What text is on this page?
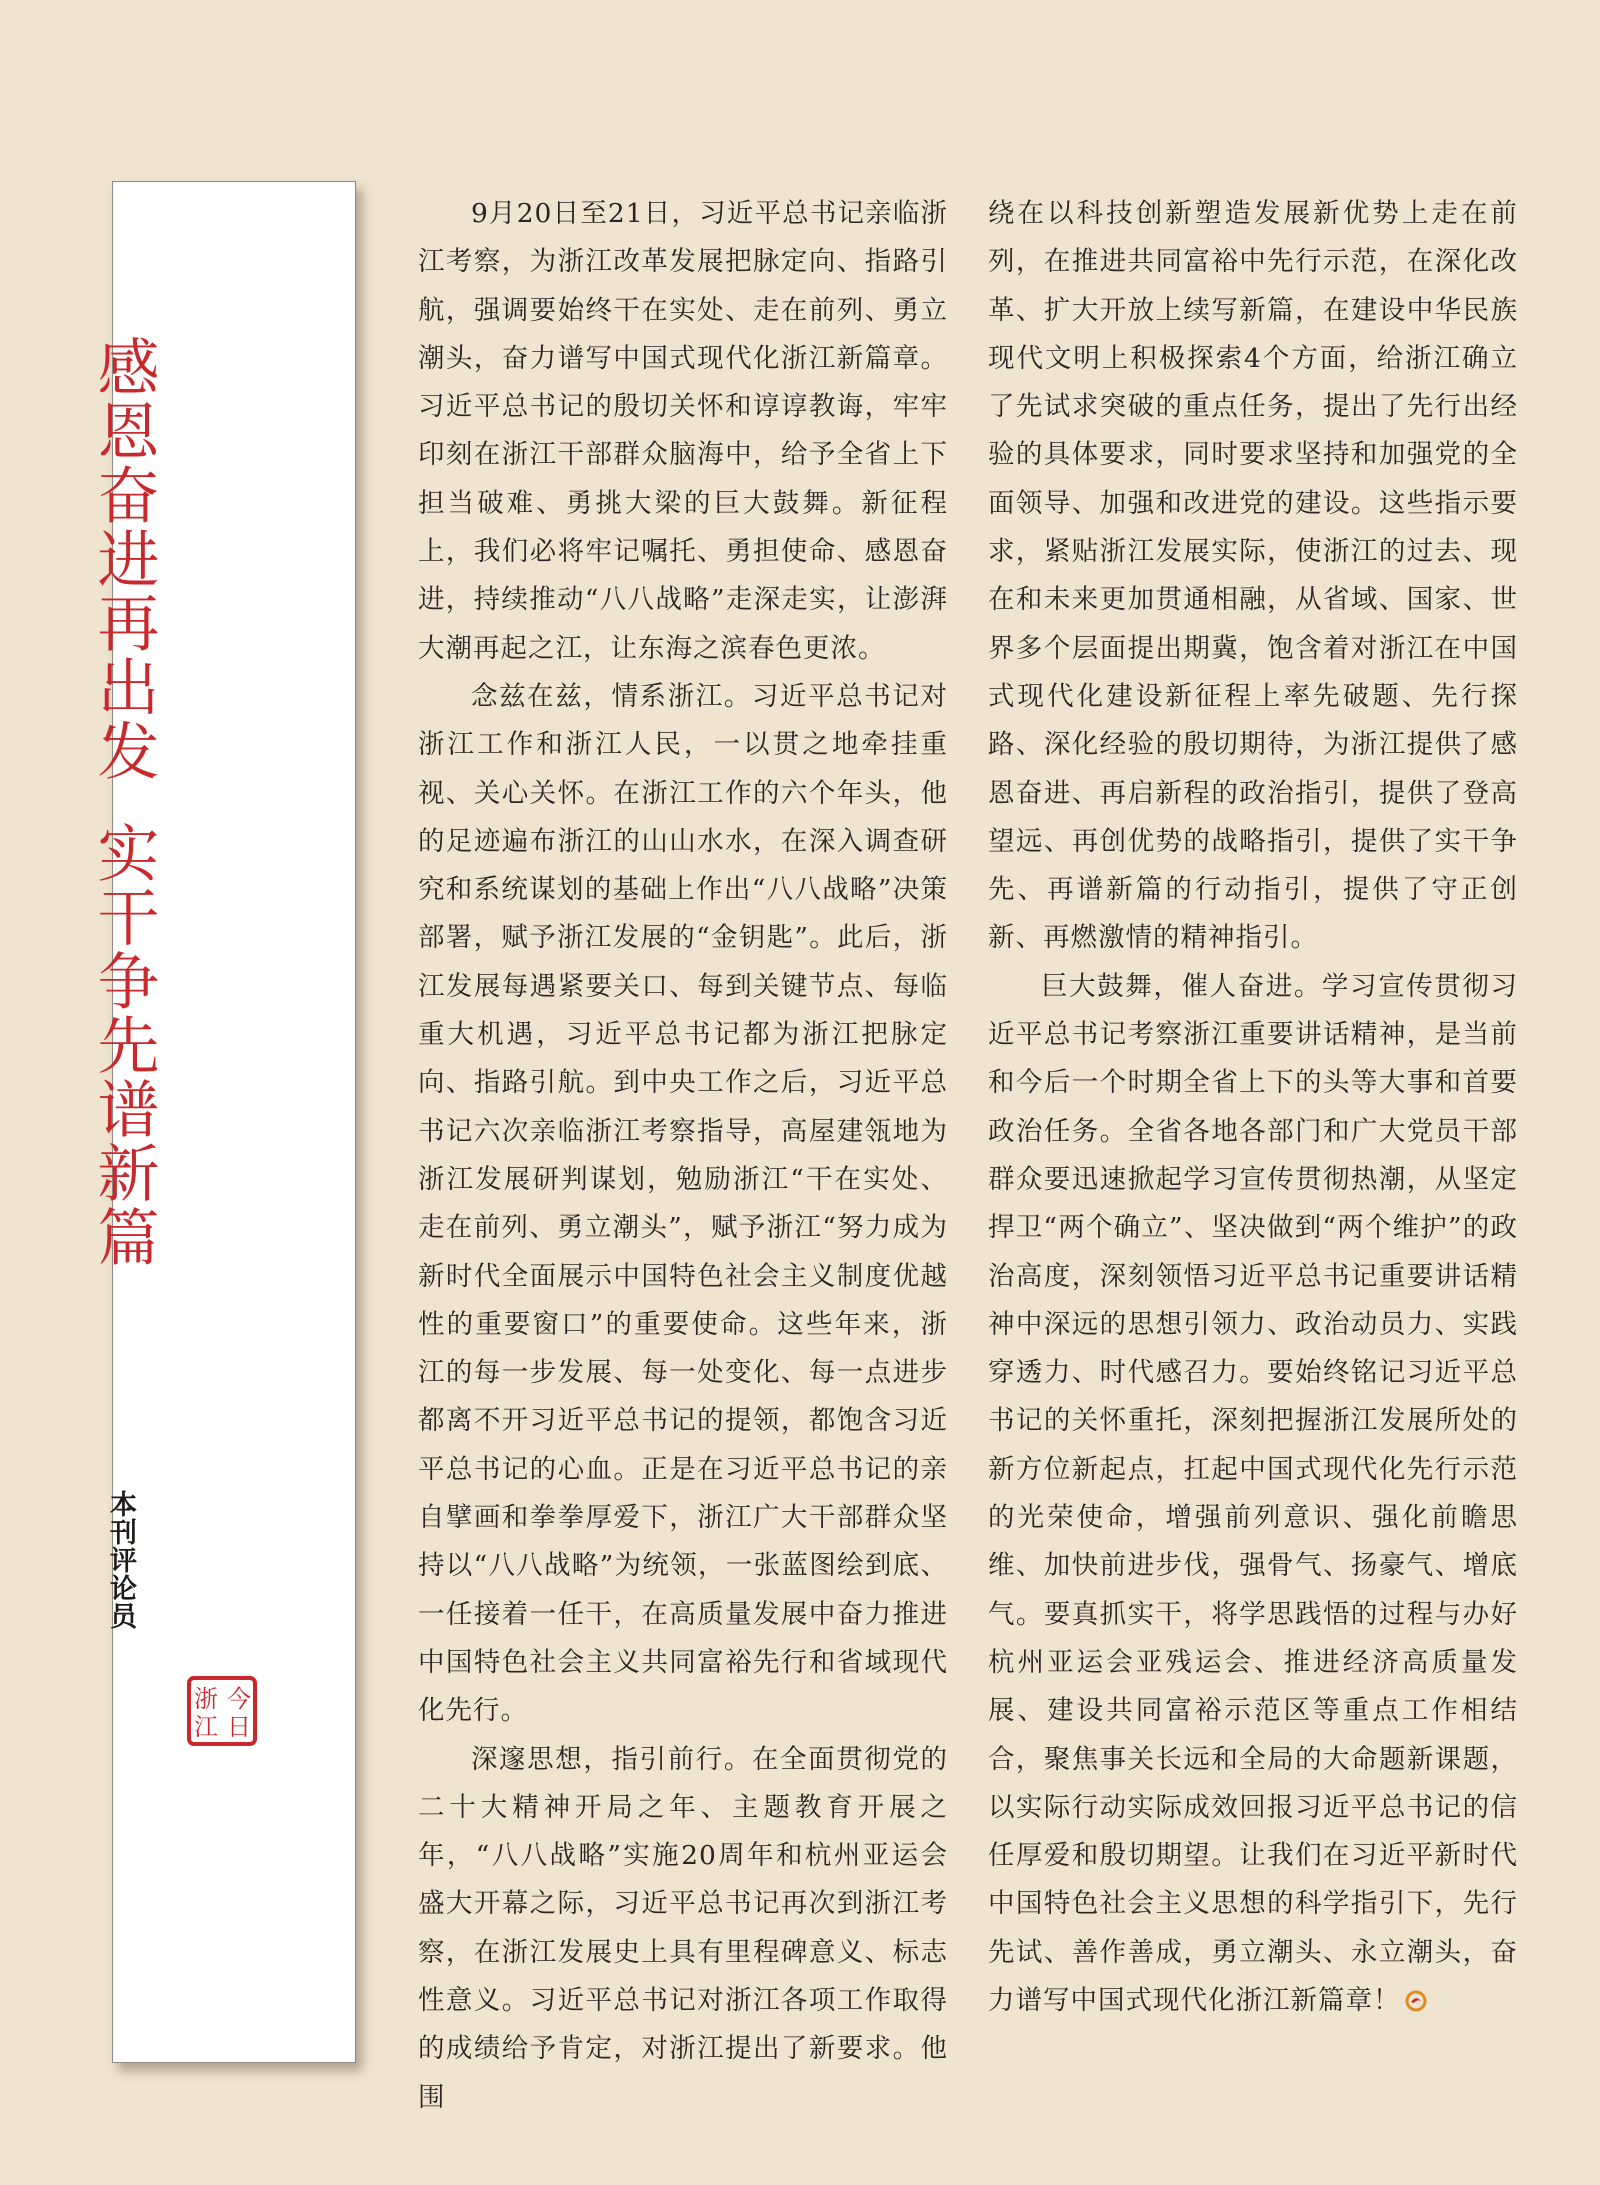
感恩奋进再出发实干争先谱新篇
本刊评论员
今
日
浙
江

9月20日至21日，习近平总书记亲临浙江考察，为浙江改革发展把脉定向、指路引航，强调要始终干在实处、走在前列、勇立潮头，奋力谱写中国式现代化浙江新篇章。习近平总书记的殷切关怀和谆谆教诲，牢牢印刻在浙江干部群众脑海中，给予全省上下担当破难、勇挑大梁的巨大鼓舞。新征程上，我们必将牢记嘱托、勇担使命、感恩奋进，持续推动“八八战略”走深走实，让澎湃大潮再起之江，让东海之滨春色更浓。

念兹在兹，情系浙江。习近平总书记对浙江工作和浙江人民，一以贯之地牵挂重视、关心关怀。在浙江工作的六个年头，他的足迹遍布浙江的山山水水，在深入调查研究和系统谋划的基础上作出“八八战略”决策部署，赋予浙江发展的“金钥匙”。此后，浙江发展每遇紧要关口、每到关键节点、每临重大机遇，习近平总书记都为浙江把脉定向、指路引航。到中央工作之后，习近平总书记六次亲临浙江考察指导，高屋建瓴地为浙江发展研判谋划，勉励浙江“干在实处、走在前列、勇立潮头”，赋予浙江“努力成为新时代全面展示中国特色社会主义制度优越性的重要窗口”的重要使命。这些年来，浙江的每一步发展、每一处变化、每一点进步都离不开习近平总书记的提领，都饱含习近平总书记的心血。正是在习近平总书记的亲自擘画和拳拳厚爱下，浙江广大干部群众坚持以“八八战略”为统领，一张蓝图绘到底、一任接着一任干，在高质量发展中奋力推进中国特色社会主义共同富裕先行和省域现代化先行。

深邃思想，指引前行。在全面贯彻党的二十大精神开局之年、主题教育开展之年，“八八战略”实施20周年和杭州亚运会盛大开幕之际，习近平总书记再次到浙江考察，在浙江发展史上具有里程碑意义、标志性意义。习近平总书记对浙江各项工作取得的成绩给予肯定，对浙江提出了新要求。他围

绕在以科技创新塑造发展新优势上走在前列，在推进共同富裕中先行示范，在深化改革、扩大开放上续写新篇，在建设中华民族现代文明上积极探索4个方面，给浙江确立了先试求突破的重点任务，提出了先行出经验的具体要求，同时要求坚持和加强党的全面领导、加强和改进党的建设。这些指示要求，紧贴浙江发展实际，使浙江的过去、现在和未来更加贯通相融，从省域、国家、世界多个层面提出期冀，饱含着对浙江在中国式现代化建设新征程上率先破题、先行探路、深化经验的殷切期待，为浙江提供了感恩奋进、再启新程的政治指引，提供了登高望远、再创优势的战略指引，提供了实干争先、再谱新篇的行动指引，提供了守正创新、再燃激情的精神指引。

巨大鼓舞，催人奋进。学习宣传贯彻习近平总书记考察浙江重要讲话精神，是当前和今后一个时期全省上下的头等大事和首要政治任务。全省各地各部门和广大党员干部群众要迅速掀起学习宣传贯彻热潮，从坚定捍卫“两个确立”、坚决做到“两个维护”的政治高度，深刻领悟习近平总书记重要讲话精神中深远的思想引领力、政治动员力、实践穿透力、时代感召力。要始终铭记习近平总书记的关怀重托，深刻把握浙江发展所处的新方位新起点，扛起中国式现代化先行示范的光荣使命，增强前列意识、强化前瞻思维、加快前进步伐，强骨气、扬豪气、增底气。要真抓实干，将学思践悟的过程与办好杭州亚运会亚残运会、推进经济高质量发展、建设共同富裕示范区等重点工作相结合，聚焦事关长远和全局的大命题新课题，以实际行动实际成效回报习近平总书记的信任厚爱和殷切期望。让我们在习近平新时代中国特色社会主义思想的科学指引下，先行先试、善作善成，勇立潮头、永立潮头，奋力谱写中国式现代化浙江新篇章！
